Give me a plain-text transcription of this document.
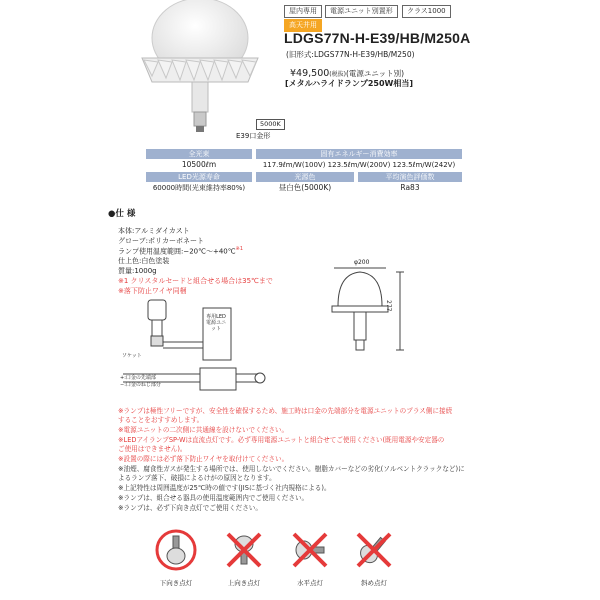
5000K
E39口金形
屋内専用	電源ユニット別置形	クラス1000
高天井用
LDGS77N-H-E39/HB/M250A
(旧形式:LDGS77N-H-E39/HB/M250)
¥49,500(税抜)(電源ユニット別)
[メタルハライドランプ250W相当]
全光束
10500ℓm
固有エネルギー消費効率
117.9ℓm/W(100V) 123.5ℓm/W(200V) 123.5ℓm/W(242V)
LED光源寿命
60000時間(光束維持率80%)
光源色
昼白色(5000K)
平均演色評価数
Ra83
●仕 様
本体:アルミダイカスト
グローブ:ポリカーボネート
ランプ使用温度範囲:−20℃〜+40℃$^{※1}$
仕上色:白色塗装
質量:1000g
※1 クリスタルセードと組合せる場合は35℃まで
※落下防止ワイヤ同梱
ソケット
専用LED電源ユニット
+:口金の先端部
−:口金のねじ部分
φ200
277
※ランプは極性フリーですが、安全性を確保するため、施工時は口金の先端部分を電源ユニットのプラス側に接続
することをおすすめします。
※電源ユニットの二次側に共通線を設けないでください。
※LEDアイランプSP-Wは直流点灯です。必ず専用電源ユニットと組合せてご使用ください(既用電源や安定器の
ご使用はできません)。
※設置の際には必ず落下防止ワイヤを取付けてください。
※油煙、腐食性ガスが発生する場所では、使用しないでください。樹脂カバーなどの劣化(ソルベントクラックなど)に
よるランプ落下、破損によるけがの原因となります。
※上記特性は周囲温度が25℃時の値です(JISに基づく社内規格による)。
※ランプは、組合せる器具の使用温度範囲内でご使用ください。
※ランプは、必ず下向き点灯でご使用ください。
下向き点灯	上向き点灯	水平点灯	斜め点灯
